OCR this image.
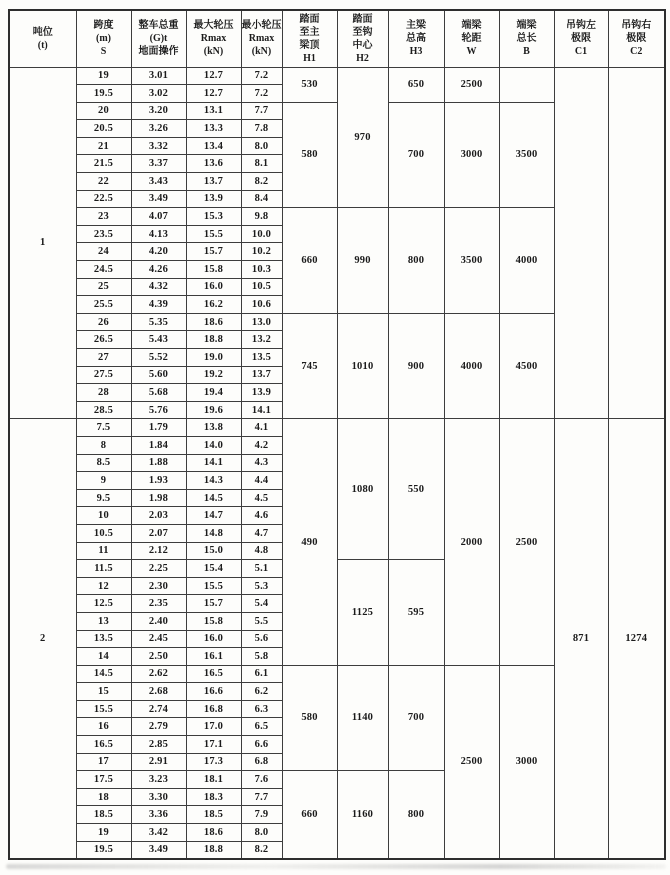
吨位
(t)	跨度
(m)
S	整车总重
(G)t
地面操作	最大轮压
Rmax
(kN)	最小轮压
Rmax
(kN)	踏面
至主
梁顶
H1	踏面
至钩
中心
H2	主梁
总高
H3	端梁
轮距
W	端梁
总长
B	吊钩左
极限
C1	吊钩右
极限
C2
1	19	3.01	12.7	7.2	530	970	650	2500			
	19.5	3.02	12.7	7.2							
	20	3.20	13.1	7.7	580		700	3000	3500		
	20.5	3.26	13.3	7.8							
	21	3.32	13.4	8.0							
	21.5	3.37	13.6	8.1							
	22	3.43	13.7	8.2							
	22.5	3.49	13.9	8.4							
	23	4.07	15.3	9.8	660	990	800	3500	4000		
	23.5	4.13	15.5	10.0							
	24	4.20	15.7	10.2							
	24.5	4.26	15.8	10.3							
	25	4.32	16.0	10.5							
	25.5	4.39	16.2	10.6							
	26	5.35	18.6	13.0	745	1010	900	4000	4500		
	26.5	5.43	18.8	13.2							
	27	5.52	19.0	13.5							
	27.5	5.60	19.2	13.7							
	28	5.68	19.4	13.9							
	28.5	5.76	19.6	14.1							
2	7.5	1.79	13.8	4.1	490	1080	550	2000	2500	871	1274
	8	1.84	14.0	4.2							
	8.5	1.88	14.1	4.3							
	9	1.93	14.3	4.4							
	9.5	1.98	14.5	4.5							
	10	2.03	14.7	4.6							
	10.5	2.07	14.8	4.7							
	11	2.12	15.0	4.8							
	11.5	2.25	15.4	5.1		1125	595				
	12	2.30	15.5	5.3							
	12.5	2.35	15.7	5.4							
	13	2.40	15.8	5.5							
	13.5	2.45	16.0	5.6							
	14	2.50	16.1	5.8							
	14.5	2.62	16.5	6.1	580	1140	700	2500	3000		
	15	2.68	16.6	6.2							
	15.5	2.74	16.8	6.3							
	16	2.79	17.0	6.5							
	16.5	2.85	17.1	6.6							
	17	2.91	17.3	6.8							
	17.5	3.23	18.1	7.6	660	1160	800				
	18	3.30	18.3	7.7							
	18.5	3.36	18.5	7.9							
	19	3.42	18.6	8.0							
	19.5	3.49	18.8	8.2							
